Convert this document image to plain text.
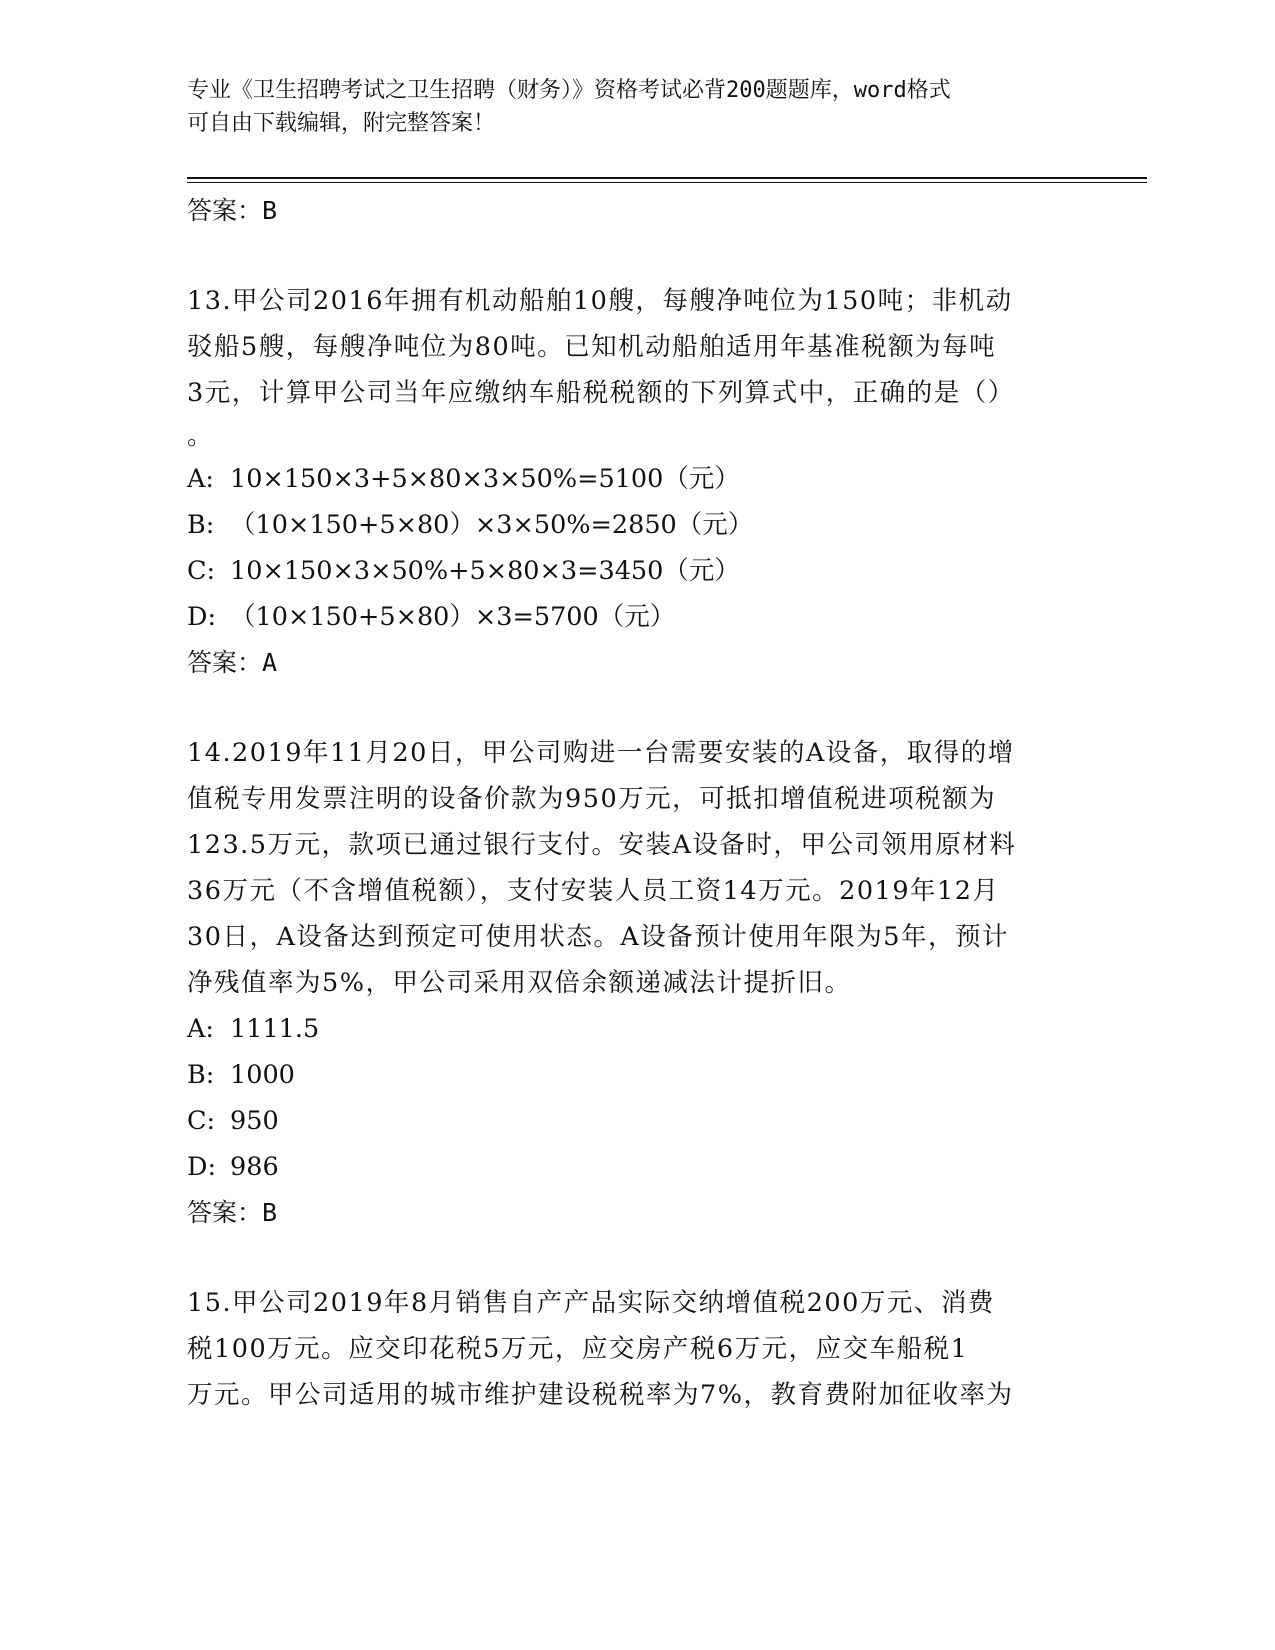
专业《卫生招聘考试之卫生招聘（财务）》资格考试必背200题题库，word格式
可自由下载编辑，附完整答案！
答案：B
13.甲公司2016年拥有机动船舶10艘，每艘净吨位为150吨；非机动
驳船5艘，每艘净吨位为80吨。已知机动船舶适用年基准税额为每吨
3元，计算甲公司当年应缴纳车船税税额的下列算式中，正确的是（）
。
A: 10×150×3+5×80×3×50%=5100（元）
B: （10×150+5×80）×3×50%=2850（元）
C: 10×150×3×50%+5×80×3=3450（元）
D: （10×150+5×80）×3=5700（元）
答案：A
14.2019年11月20日，甲公司购进一台需要安装的A设备，取得的增
值税专用发票注明的设备价款为950万元，可抵扣增值税进项税额为
123.5万元，款项已通过银行支付。安装A设备时，甲公司领用原材料
36万元（不含增值税额），支付安装人员工资14万元。2019年12月
30日，A设备达到预定可使用状态。A设备预计使用年限为5年，预计
净残值率为5%，甲公司采用双倍余额递减法计提折旧。
A: 1111.5
B: 1000
C: 950
D: 986
答案：B
15.甲公司2019年8月销售自产产品实际交纳增值税200万元、消费
税100万元。应交印花税5万元，应交房产税6万元，应交车船税1
万元。甲公司适用的城市维护建设税税率为7%，教育费附加征收率为
